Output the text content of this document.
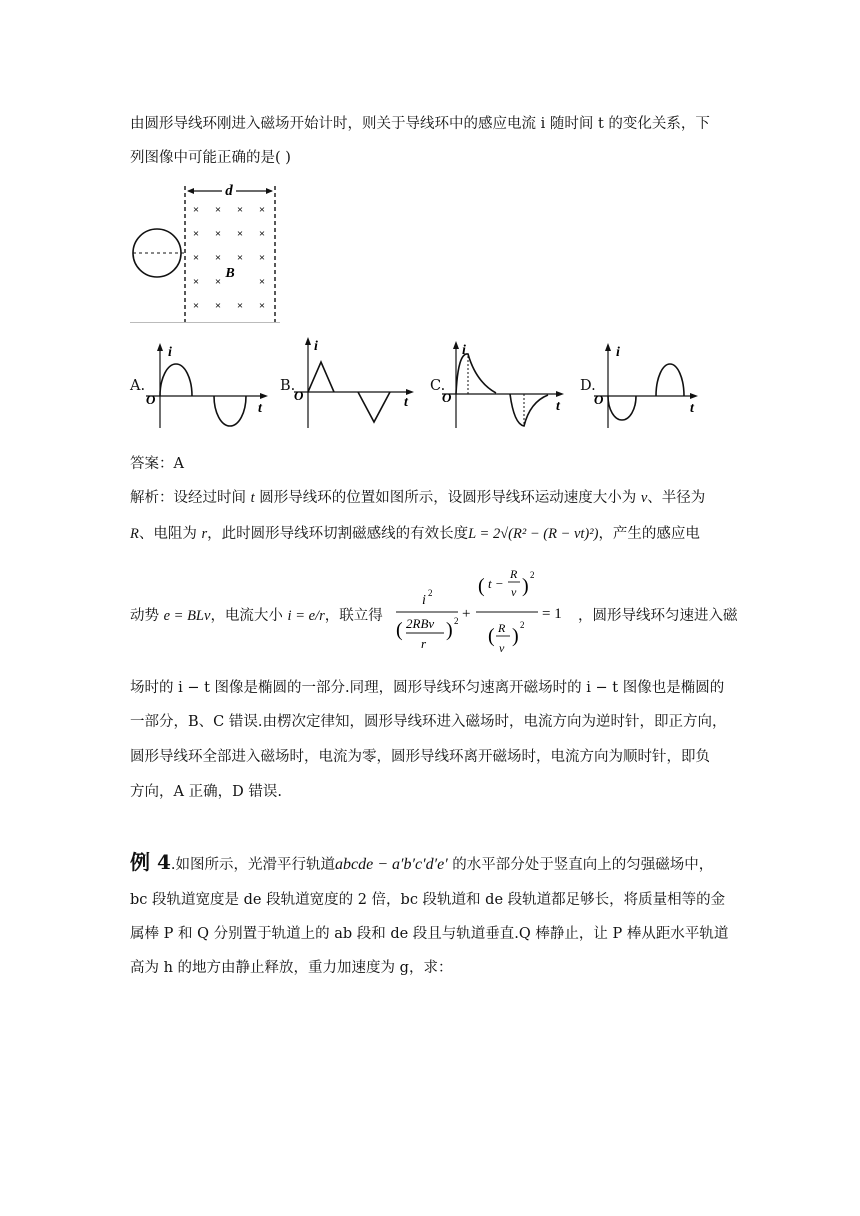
由圆形导线环刚进入磁场开始计时，则关于导线环中的感应电流 i 随时间 t 的变化关系，下
列图像中可能正确的是( )
d
B
× × × ×
× × × ×
× × × ×
× ×	×
× × × ×
A.
i
t
O
B.
i
t
O
C.
i
t
O
D.
i
t
O
答案：A
解析：设经过时间 t 圆形导线环的位置如图所示，设圆形导线环运动速度大小为 v、半径为
R、电阻为 r，此时圆形导线环切割磁感线的有效长度L = 2√(R² − (R − vt)²)，产生的感应电
动势 e = BLv，电流大小 i = e/r，联立得
i 2
( 2RBv
r
) 2 +
( t −
R
v ) 2
( R
v
) 2
= 1 ，圆形导线环匀速进入磁
场时的 i − t 图像是椭圆的一部分.同理，圆形导线环匀速离开磁场时的 i − t 图像也是椭圆的
一部分，B、C 错误.由楞次定律知，圆形导线环进入磁场时，电流方向为逆时针，即正方向，
圆形导线环全部进入磁场时，电流为零，圆形导线环离开磁场时，电流方向为顺时针，即负
方向，A 正确，D 错误.
例 4.如图所示，光滑平行轨道abcde − a′b′c′d′e′ 的水平部分处于竖直向上的匀强磁场中，
bc 段轨道宽度是 de 段轨道宽度的 2 倍，bc 段轨道和 de 段轨道都足够长，将质量相等的金
属棒 P 和 Q 分别置于轨道上的 ab 段和 de 段且与轨道垂直.Q 棒静止，让 P 棒从距水平轨道
高为 h 的地方由静止释放，重力加速度为 g，求：
